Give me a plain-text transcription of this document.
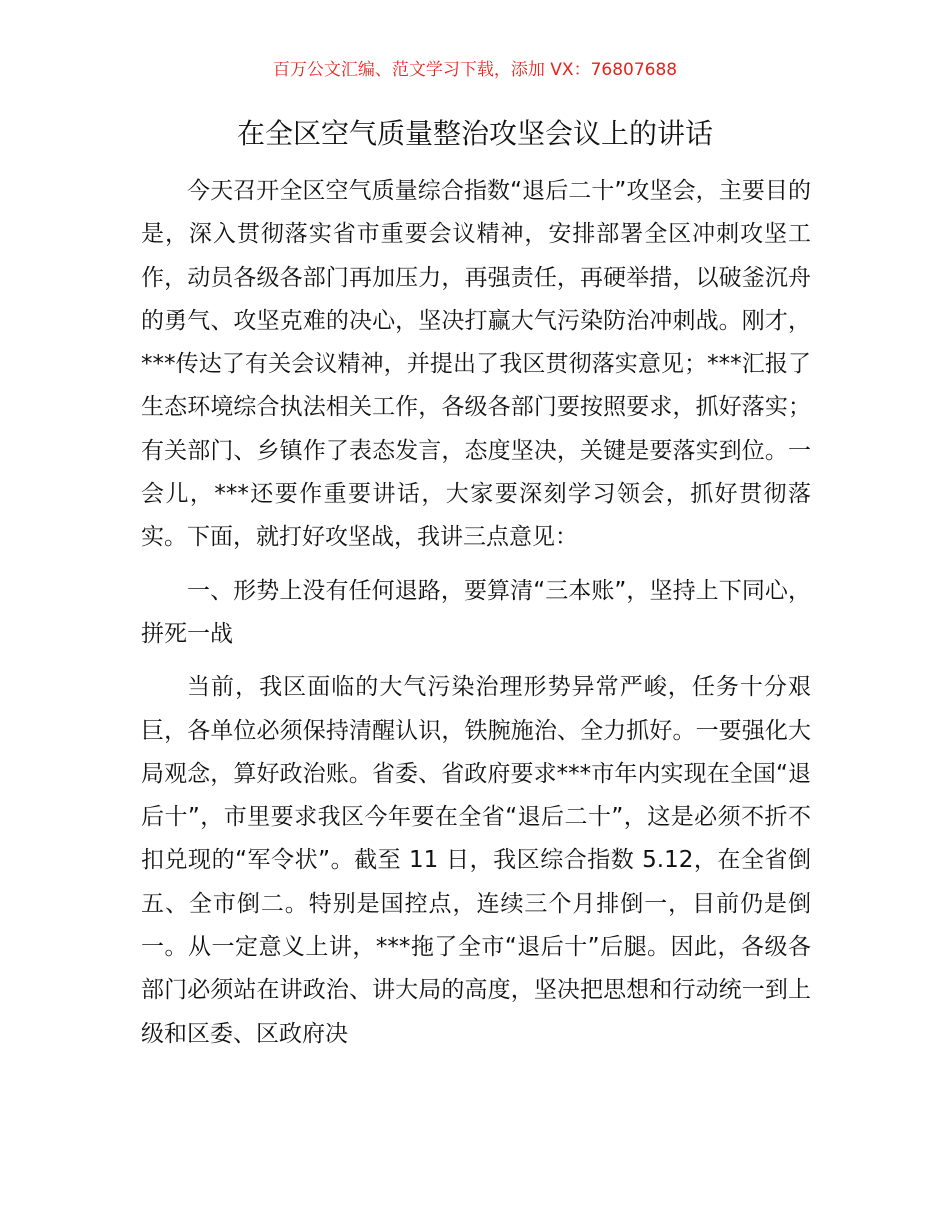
百万公文汇编、范文学习下载，添加 VX：76807688
在全区空气质量整治攻坚会议上的讲话

今天召开全区空气质量综合指数“退后二十”攻坚会，主要目的是，深入贯彻落实省市重要会议精神，安排部署全区冲刺攻坚工作，动员各级各部门再加压力，再强责任，再硬举措，以破釜沉舟的勇气、攻坚克难的决心，坚决打赢大气污染防治冲刺战。刚才，***传达了有关会议精神，并提出了我区贯彻落实意见；***汇报了生态环境综合执法相关工作，各级各部门要按照要求，抓好落实；有关部门、乡镇作了表态发言，态度坚决，关键是要落实到位。一会儿，***还要作重要讲话，大家要深刻学习领会，抓好贯彻落实。下面，就打好攻坚战，我讲三点意见：

一、形势上没有任何退路，要算清“三本账”，坚持上下同心，拼死一战

当前，我区面临的大气污染治理形势异常严峻，任务十分艰巨，各单位必须保持清醒认识，铁腕施治、全力抓好。一要强化大局观念，算好政治账。省委、省政府要求***市年内实现在全国“退后十”，市里要求我区今年要在全省“退后二十”，这是必须不折不扣兑现的“军令状”。截至 11 日，我区综合指数 5.12，在全省倒五、全市倒二。特别是国控点，连续三个月排倒一，目前仍是倒一。从一定意义上讲，***拖了全市“退后十”后腿。因此，各级各部门必须站在讲政治、讲大局的高度，坚决把思想和行动统一到上级和区委、区政府决
